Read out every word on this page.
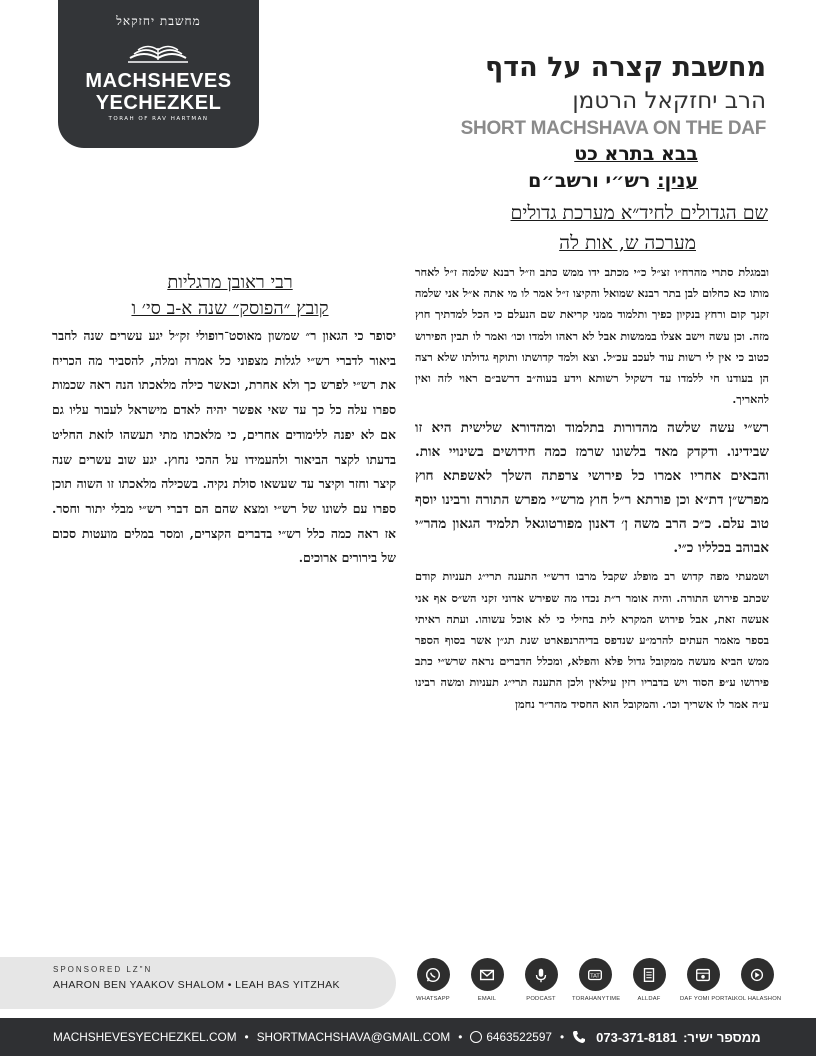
מחשבת יחזקאל
MACHSHEVES
YECHEZKEL
TORAH OF RAV HARTMAN
מחשבת קצרה על הדף
הרב יחזקאל הרטמן
SHORT MACHSHAVA ON THE DAF
בבא בתרא כט
ענין: רש״י ורשב״ם
שם הגדולים לחיד״א מערכת גדולים
מערכה ש, אות לה

ובמגלת סתרי מהרח״ו זצ״ל כ״י מכתב ידו ממש כתב וז״ל רבנא שלמה ז״ל לאחר מותו כא כחלום לבן בתר רבנא שמואל והקיצו ז״ל אמר לו מי אתה א״ל אני שלמה זקנך קום ורחץ בנקיון כפיך ותלמוד ממני קריאת שם הנעלם כי הכל למדתיך חוץ מזה. וכן עשה וישב אצלו בממשות אבל לא ראהו ולמדו וכו׳ ואמר לו תבין הפירוש כטוב כי אין לי רשות עוד לעכב עכ״ל. וצא ולמד קדושתו ותוקף גדולתו שלא רצה הן בעודנו חי ללמדו עד דשקיל רשותא וידע בעוה״ב דרשב״ם ראוי לזה ואין להאריך.

רש״י עשה שלשה מהדורות בתלמוד ומהדורא שלישית היא זו שבידינו. ודקדק מאד בלשונו שרמז כמה חידושים בשינויי אות. והבאים אחריו אמרו כל פירושי צרפתה השלך לאשפתא חוץ מפרש״ן דת״א וכן פורתא ר״ל חוץ מרש״י מפרש התורה ורבינו יוסף טוב עלם. כ״כ הרב משה ן׳ דאנון מפורטוגאל תלמיד הגאון מהר״י אבוהב בכלליו כ״י.

ושמעתי מפה קדוש רב מופלג שקבל מרבו דרש״י התענה תרי״ג תעניות קודם שכתב פירוש התורה. והיה אומר ר״ת נכדו מה שפירש אדוני זקני הש״ס אף אני אעשה זאת, אבל פירוש המקרא לית בחילי כי לא אוכל עשוהו. ועתה ראיתי בספר מאמר העתים להרמ״ע שנדפס בדיהרנפארט שנת תג״ן אשר בסוף הספר ממש הביא מעשה ממקובל גדול פלא והפלא, ומכלל הדברים נראה שרש״י כתב פירושו ע״פ הסוד ויש בדבריו רזין עילאין ולכן התענה תרי״ג תעניות ומשה רבינו ע״ה אמר לו אשריך וכו׳. והמקובל הוא החסיד מהר״ר נחמן

רבי ראובן מרגליות
קובץ ״הפוסק״ שנה א-ב סי׳ ו
יסופר כי הגאון ר״ שמשון מאוסט־רופולי זק״ל יגע עשרים שנה לחבר ביאור לדברי רש״י לגלות מצפוני כל אמרה ומלה, להסביר מה הכריח את רש״י לפרש כך ולא אחרת, וכאשר כילה מלאכתו הנה ראה שכמות ספרו עלה כל כך עד שאי אפשר יהיה לאדם מישראל לעבור עליו גם אם לא יפנה ללימודים אחרים, כי מלאכתו מתי תעשהו לזאת החליט בדעתו לקצר הביאור ולהעמידו על ההכי נחוץ. יגע שוב עשרים שנה קיצר וחזר וקיצר עד שעשאו סולת נקיה. בשכילה מלאכתו זו השוה תוכן ספרו עם לשונו של רש״י ומצא שהם הם דברי רש״י מבלי יתור וחסר. אז ראה כמה כלל רש״י בדברים הקצרים, ומסר במלים מועטות סכום של בירורים ארוכים.
SPONSORED LZ"N
AHARON BEN YAAKOV SHALOM • LEAH BAS YITZHAK
WHATSAPP	EMAIL	PODCAST
TAT
TORAHANYTIME	ALLDAF	DAF YOMI PORTAL
KOL HALASHON
MACHSHEVESYECHEZKEL.COM • SHORTMACHSHAVA@GMAIL.COM • 6463522597 • 073-371-8181 ממספר ישיר:
